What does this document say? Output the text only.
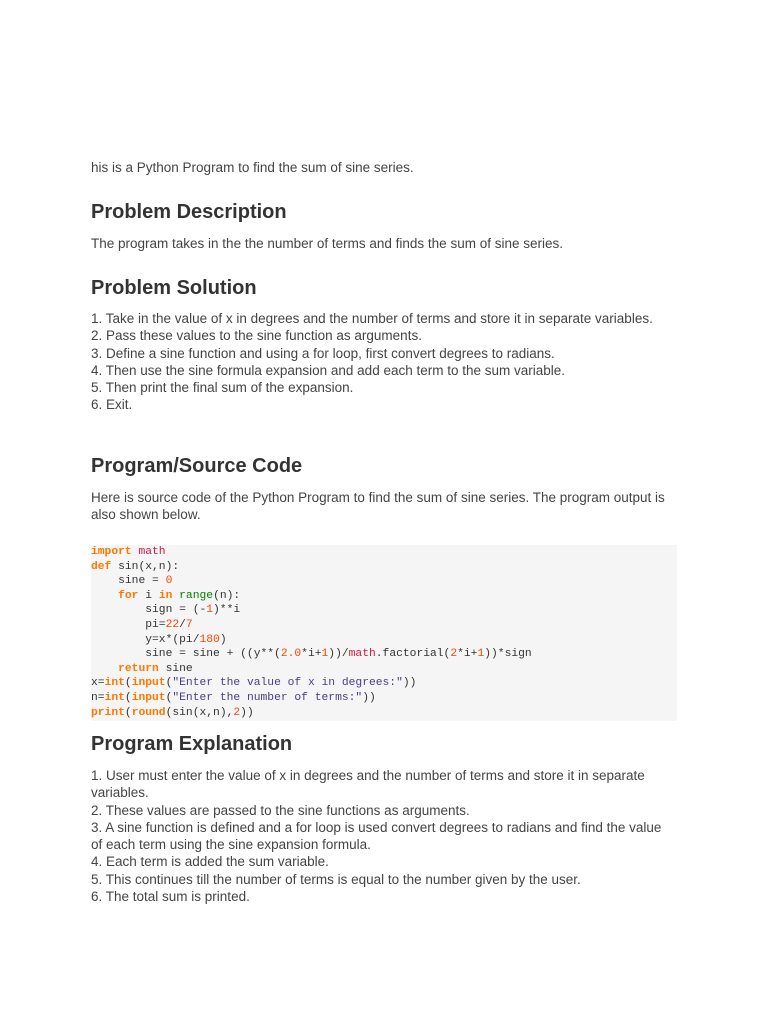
his is a Python Program to find the sum of sine series.

Problem Description

The program takes in the the number of terms and finds the sum of sine series.

Problem Solution
1. Take in the value of x in degrees and the number of terms and store it in separate variables.
2. Pass these values to the sine function as arguments.
3. Define a sine function and using a for loop, first convert degrees to radians.
4. Then use the sine formula expansion and add each term to the sum variable.
5. Then print the final sum of the expansion.
6. Exit.
Program/Source Code

Here is source code of the Python Program to find the sum of sine series. The program output is also shown below.

import math
def sin(x,n):
sine = 0
for i in range(n):
sign = (-1)**i
pi=22/7
y=x*(pi/180)
sine = sine + ((y**(2.0*i+1))/math.factorial(2*i+1))*sign
return sine
x=int(input("Enter the value of x in degrees:"))
n=int(input("Enter the number of terms:"))
print(round(sin(x,n),2))
Program Explanation
1. User must enter the value of x in degrees and the number of terms and store it in separate variables.
2. These values are passed to the sine functions as arguments.
3. A sine function is defined and a for loop is used convert degrees to radians and find the value of each term using the sine expansion formula.
4. Each term is added the sum variable.
5. This continues till the number of terms is equal to the number given by the user.
6. The total sum is printed.
